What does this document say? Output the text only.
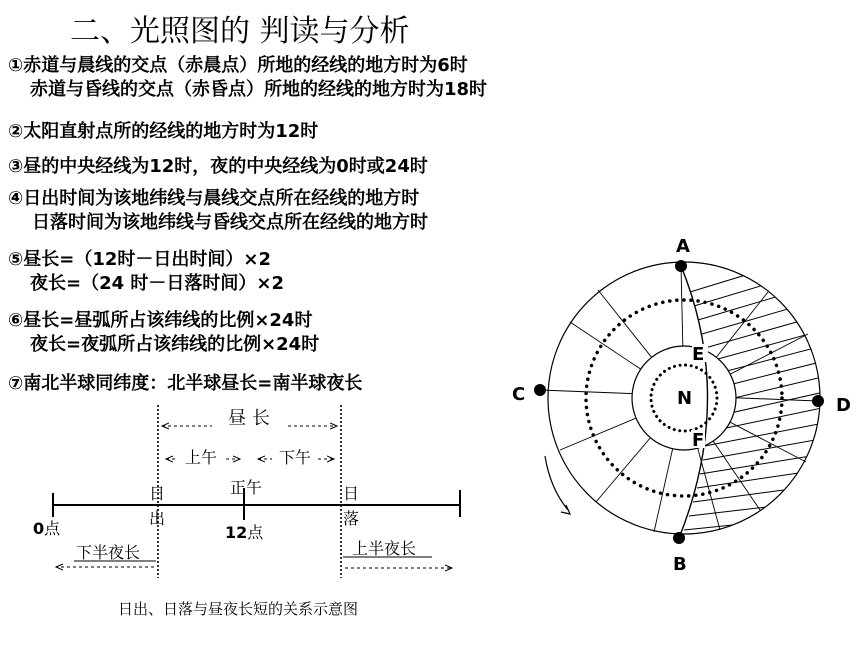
二、光照图的 判读与分析
①赤道与晨线的交点（赤晨点）所地的经线的地方时为6时
赤道与昏线的交点（赤昏点）所地的经线的地方时为18时
②太阳直射点所的经线的地方时为12时
③昼的中央经线为12时，夜的中央经线为0时或24时
④日出时间为该地纬线与晨线交点所在经线的地方时
日落时间为该地纬线与昏线交点所在经线的地方时
⑤昼长=（12时－日出时间）×2
夜长=（24 时－日落时间）×2
⑥昼长=昼弧所占该纬线的比例×24时
夜长=夜弧所占该纬线的比例×24时
⑦南北半球同纬度：北半球昼长=南半球夜长
昼 长
上午	下午
正午
日
出
日
落
0点	12点
下半夜长	上半夜长
日出、日落与昼夜长短的关系示意图
A
B
C
D
E
F
N
